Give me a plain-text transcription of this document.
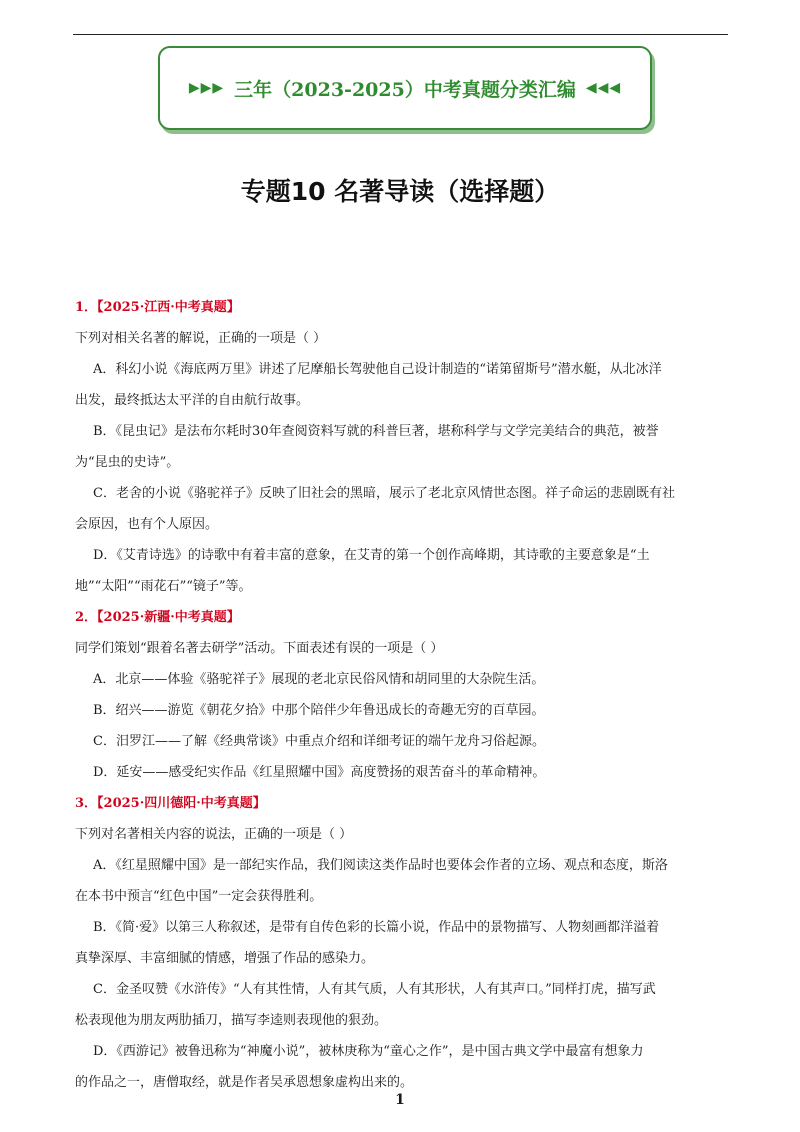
▶▶▶ 三年（2023-2025）中考真题分类汇编 ◀◀◀
专题10 名著导读（选择题）
1．【2025·江西·中考真题】
下列对相关名著的解说，正确的一项是（ ）
A．科幻小说《海底两万里》讲述了尼摩船长驾驶他自己设计制造的“诺第留斯号”潜水艇，从北冰洋
出发，最终抵达太平洋的自由航行故事。
B．《昆虫记》是法布尔耗时30年查阅资料写就的科普巨著，堪称科学与文学完美结合的典范，被誉
为“昆虫的史诗”。
C．老舍的小说《骆驼祥子》反映了旧社会的黑暗，展示了老北京风情世态图。祥子命运的悲剧既有社
会原因，也有个人原因。
D．《艾青诗选》的诗歌中有着丰富的意象，在艾青的第一个创作高峰期，其诗歌的主要意象是“土
地”“太阳”“雨花石”“镜子”等。
2．【2025·新疆·中考真题】
同学们策划“跟着名著去研学”活动。下面表述有误的一项是（ ）
A．北京——体验《骆驼祥子》展现的老北京民俗风情和胡同里的大杂院生活。
B．绍兴——游览《朝花夕拾》中那个陪伴少年鲁迅成长的奇趣无穷的百草园。
C．汨罗江——了解《经典常谈》中重点介绍和详细考证的端午龙舟习俗起源。
D．延安——感受纪实作品《红星照耀中国》高度赞扬的艰苦奋斗的革命精神。
3．【2025·四川德阳·中考真题】
下列对名著相关内容的说法，正确的一项是（ ）
A．《红星照耀中国》是一部纪实作品，我们阅读这类作品时也要体会作者的立场、观点和态度，斯洛
在本书中预言“红色中国”一定会获得胜利。
B．《简·爱》以第三人称叙述，是带有自传色彩的长篇小说，作品中的景物描写、人物刻画都洋溢着
真挚深厚、丰富细腻的情感，增强了作品的感染力。
C．金圣叹赞《水浒传》“人有其性情，人有其气质，人有其形状，人有其声口。”同样打虎，描写武
松表现他为朋友两肋插刀，描写李逵则表现他的狠劲。
D．《西游记》被鲁迅称为“神魔小说”，被林庚称为“童心之作”，是中国古典文学中最富有想象力
的作品之一，唐僧取经，就是作者吴承恩想象虚构出来的。
1
